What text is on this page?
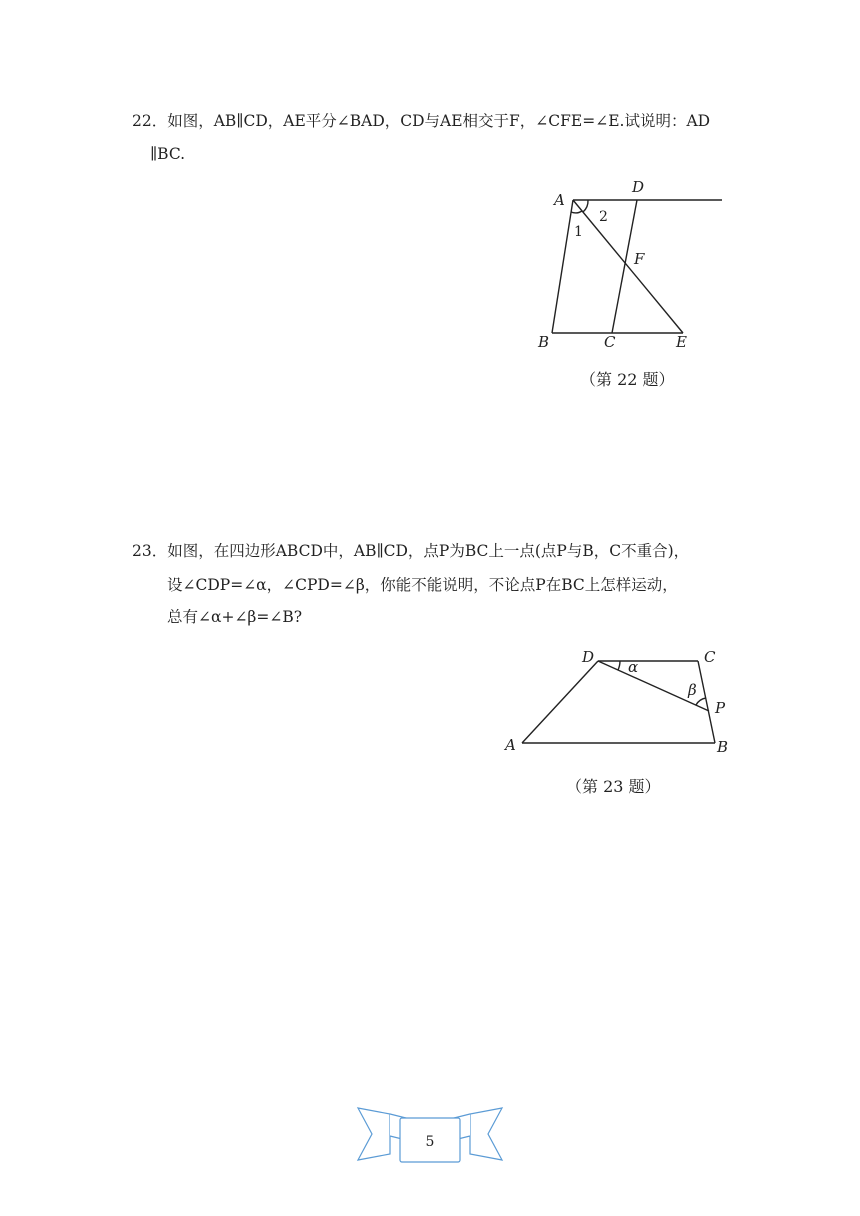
22．如图，AB∥CD，AE平分∠BAD，CD与AE相交于F，∠CFE=∠E.试说明：AD
∥BC.
A
D
B	C	E
F
1
2
（第 22 题）
23．如图，在四边形ABCD中，AB∥CD，点P为BC上一点(点P与B，C不重合)，
设∠CDP=∠α，∠CPD=∠β，你能不能说明，不论点P在BC上怎样运动，
总有∠α+∠β=∠B?
D	C
P
A	B
α
β
（第 23 题）
5
